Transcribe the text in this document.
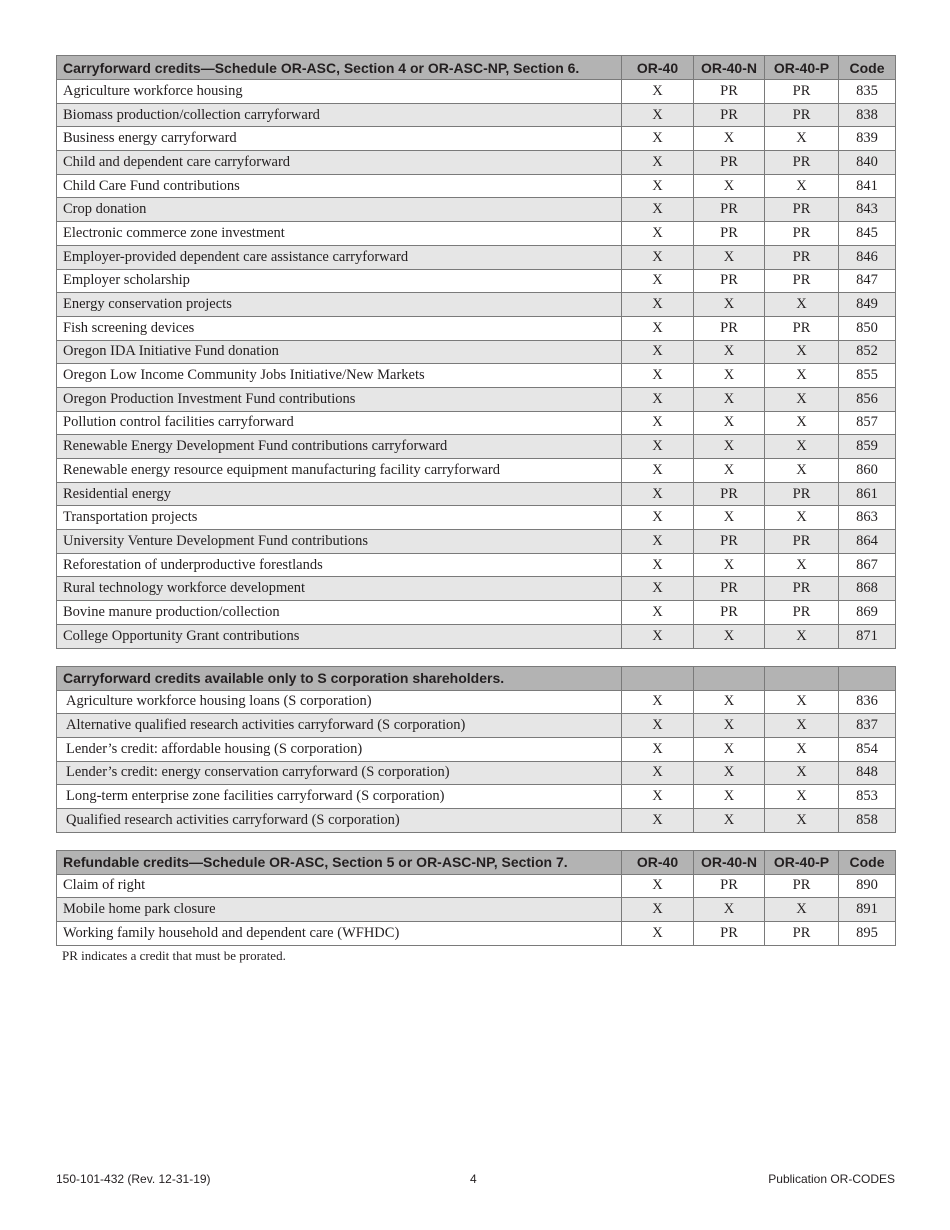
Carryforward credits—Schedule OR-ASC, Section 4 or OR-ASC-NP, Section 6.	OR-40	OR-40-N	OR-40-P	Code
Agriculture workforce housing	X	PR	PR	835
Biomass production/collection carryforward	X	PR	PR	838
Business energy carryforward	X	X	X	839
Child and dependent care carryforward	X	PR	PR	840
Child Care Fund contributions	X	X	X	841
Crop donation	X	PR	PR	843
Electronic commerce zone investment	X	PR	PR	845
Employer-provided dependent care assistance carryforward	X	X	PR	846
Employer scholarship	X	PR	PR	847
Energy conservation projects	X	X	X	849
Fish screening devices	X	PR	PR	850
Oregon IDA Initiative Fund donation	X	X	X	852
Oregon Low Income Community Jobs Initiative/New Markets	X	X	X	855
Oregon Production Investment Fund contributions	X	X	X	856
Pollution control facilities carryforward	X	X	X	857
Renewable Energy Development Fund contributions carryforward	X	X	X	859
Renewable energy resource equipment manufacturing facility carryforward	X	X	X	860
Residential energy	X	PR	PR	861
Transportation projects	X	X	X	863
University Venture Development Fund contributions	X	PR	PR	864
Reforestation of underproductive forestlands	X	X	X	867
Rural technology workforce development	X	PR	PR	868
Bovine manure production/collection	X	PR	PR	869
College Opportunity Grant contributions	X	X	X	871
Carryforward credits available only to S corporation shareholders.				
Agriculture workforce housing loans (S corporation)	X	X	X	836
Alternative qualified research activities carryforward (S corporation)	X	X	X	837
Lender’s credit: affordable housing (S corporation)	X	X	X	854
Lender’s credit: energy conservation carryforward (S corporation)	X	X	X	848
Long-term enterprise zone facilities carryforward (S corporation)	X	X	X	853
Qualified research activities carryforward (S corporation)	X	X	X	858
Refundable credits—Schedule OR-ASC, Section 5 or OR-ASC-NP, Section 7.	OR-40	OR-40-N	OR-40-P	Code
Claim of right	X	PR	PR	890
Mobile home park closure	X	X	X	891
Working family household and dependent care (WFHDC)	X	PR	PR	895
PR indicates a credit that must be prorated.
150-101-432 (Rev. 12-31-19)	4	Publication OR-CODES
